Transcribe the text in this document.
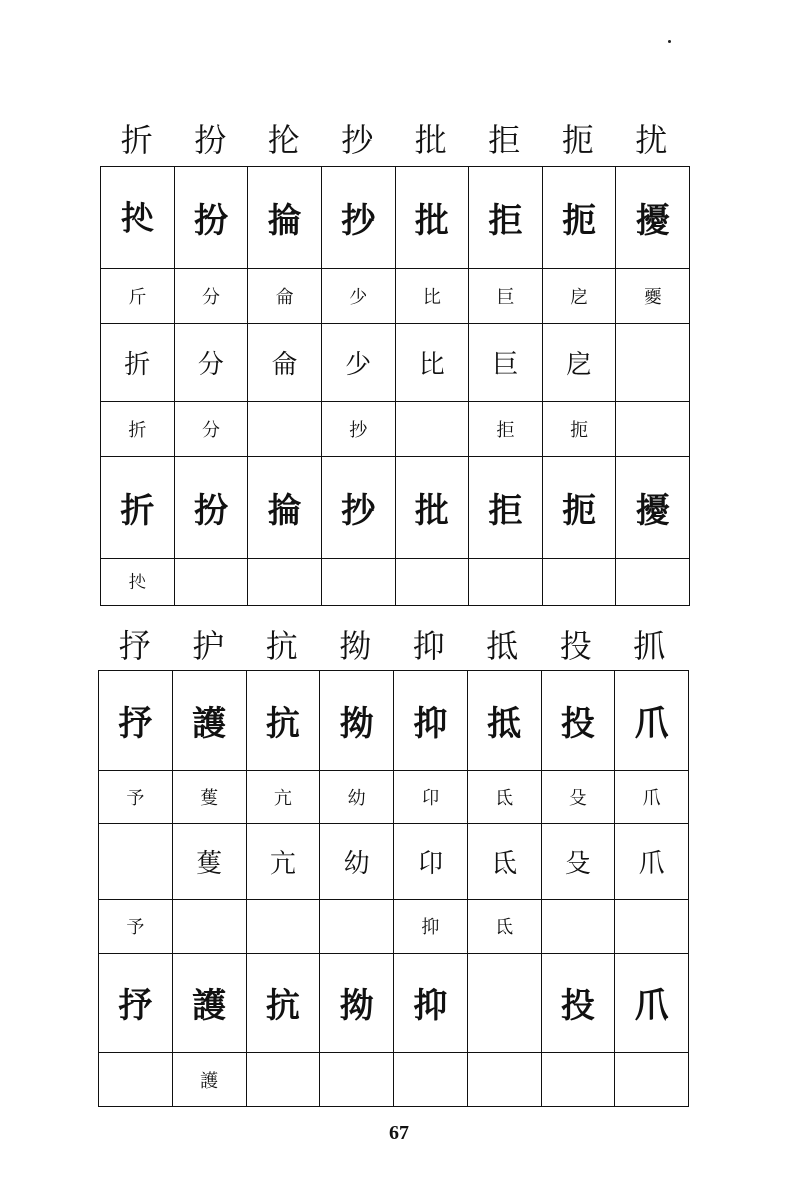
折	扮	抡	抄	批	拒	扼	扰
𢪍	扮	掄	抄	批	拒	扼	擾
斤	分	侖	少	比	巨	戹	夒
折	分	侖	少	比	巨	戹	
折	分		抄		拒	扼	
折	扮	掄	抄	批	拒	扼	擾
𢪍							
抒	护	抗	拗	抑	抵	投	抓
抒	護	抗	拗	抑	抵	投	爪
予	蒦	亢	幼	卬	氐	殳	爪
	蒦	亢	幼	卬	氐	殳	爪
予				抑	氐		
抒	護	抗	拗	抑		投	爪
	護						
67
